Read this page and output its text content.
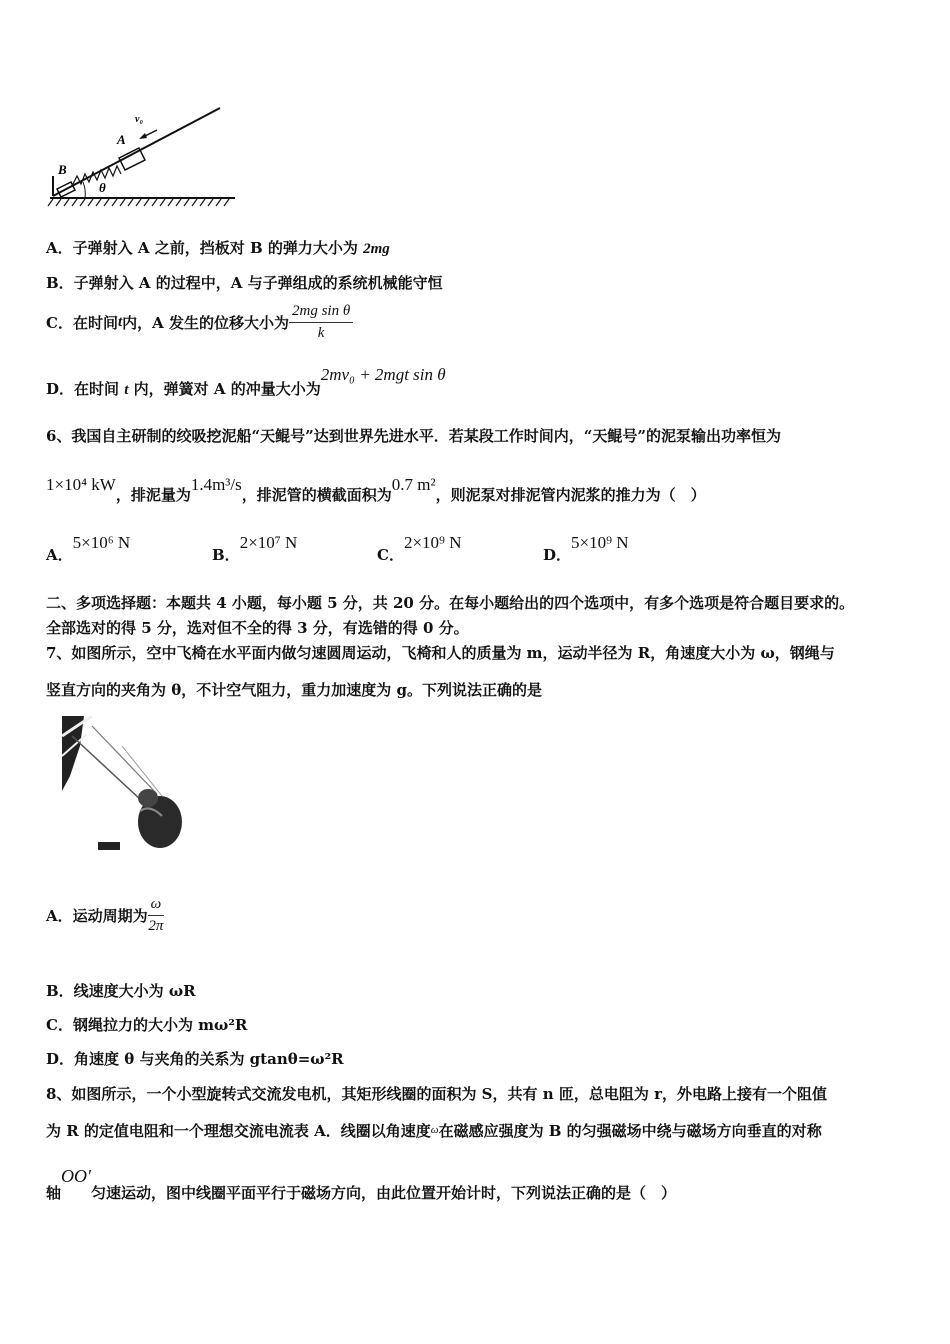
B
A
θ
v₀
A．子弹射入 A 之前，挡板对 B 的弹力大小为 2mg
B．子弹射入 A 的过程中，A 与子弹组成的系统机械能守恒
C．在时间 t 内，A 发生的位移大小为 $\frac{\text{2mg sin θ}}{k}$
D．在时间 t 内，弹簧对 A 的冲量大小为2mv₀ + 2mgt sin θ
6、我国自主研制的绞吸挖泥船“天鲲号”达到世界先进水平．若某段工作时间内，“天鲲号”的泥泵输出功率恒为
1×10⁴ kW，排泥量为1.4m³/s，排泥管的横截面积为0.7 m²，则泥泵对排泥管内泥浆的推力为（　）
A．5×10⁶ N
B．2×10⁷ N
C．2×10⁹ N
D．5×10⁹ N
二、多项选择题：本题共 4 小题，每小题 5 分，共 20 分。在每小题给出的四个选项中，有多个选项是符合题目要求的。
全部选对的得 5 分，选对但不全的得 3 分，有选错的得 0 分。
7、如图所示，空中飞椅在水平面内做匀速圆周运动，飞椅和人的质量为 m，运动半径为 R，角速度大小为 ω，钢绳与
竖直方向的夹角为 θ，不计空气阻力，重力加速度为 g。下列说法正确的是
A．运动周期为 $\frac{\omega}{2\pi}$
B．线速度大小为 ωR
C．钢绳拉力的大小为 mω²R
D．角速度 θ 与夹角的关系为 gtanθ=ω²R
8、如图所示，一个小型旋转式交流发电机，其矩形线圈的面积为 S，共有 n 匝，总电阻为 r，外电路上接有一个阻值
为 R 的定值电阻和一个理想交流电流表 A．线圈以角速度$^\omega$在磁感应强度为 B 的匀强磁场中绕与磁场方向垂直的对称
轴OO′匀速运动，图中线圈平面平行于磁场方向，由此位置开始计时，下列说法正确的是（　）
